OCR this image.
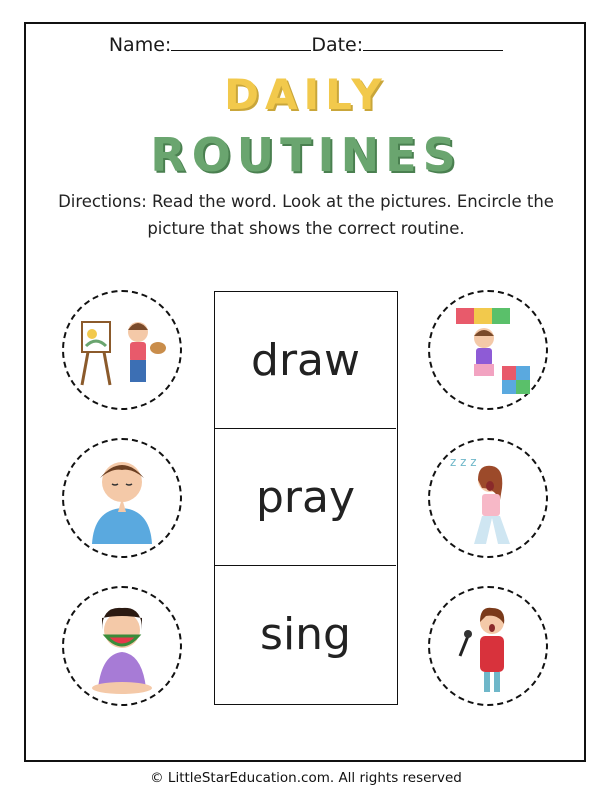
Name:	Date:
DAILY
ROUTINES
Directions: Read the word. Look at the pictures. Encircle the
picture that shows the correct routine.
draw
pray
sing
z z z
© LittleStarEducation.com. All rights reserved
